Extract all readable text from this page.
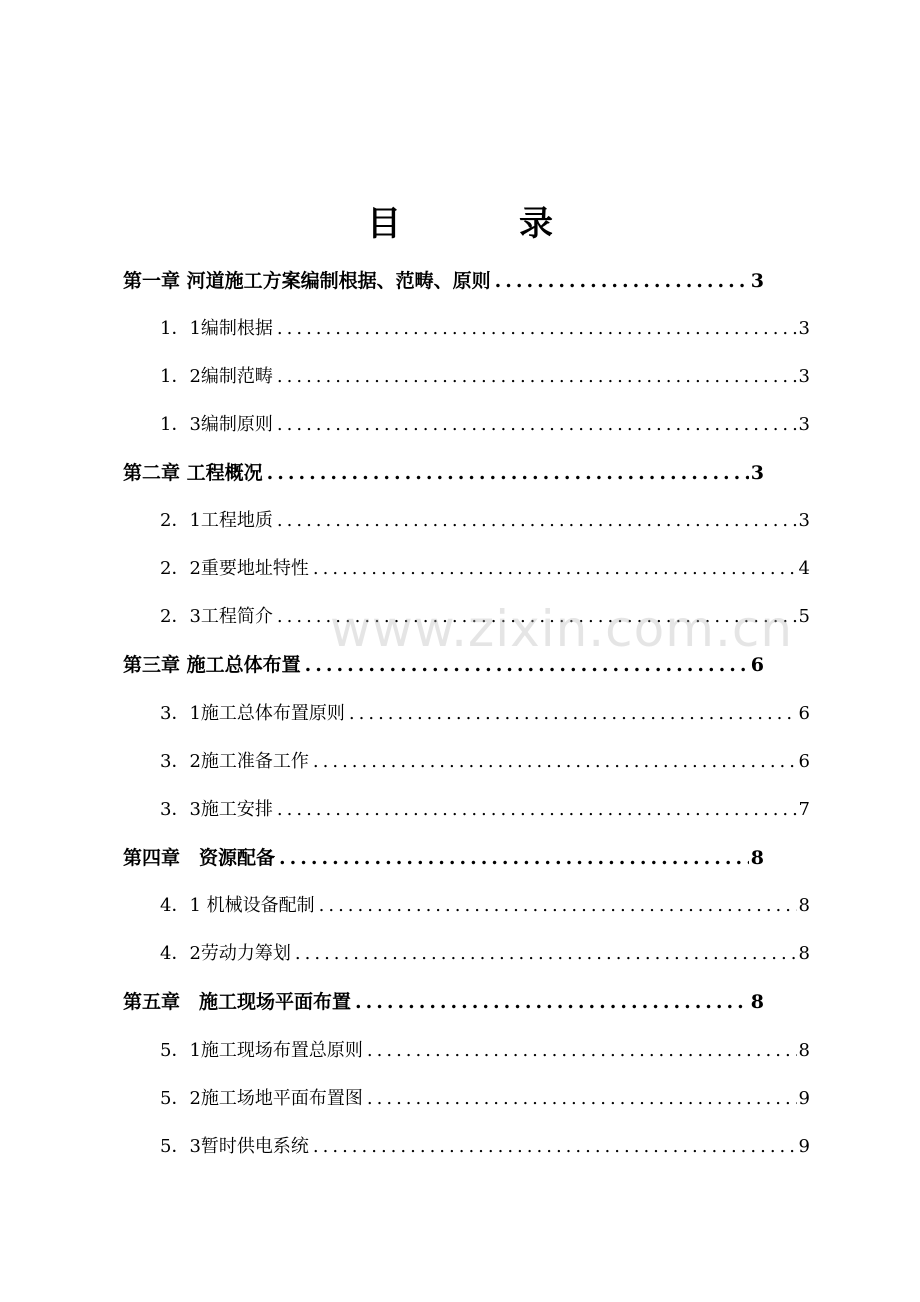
目　录
第一章 河道施工方案编制根据、范畴、原则 .....	3
1．1编制根据 .....	3
1．2编制范畴 .....	3
1．3编制原则 .....	3
第二章 工程概况 .....	3
2．1工程地质 .....	3
2．2重要地址特性 .....	4
2．3工程简介 .....	5
第三章 施工总体布置 .....	6
3．1施工总体布置原则 .....	6
3．2施工准备工作 .....	6
3．3施工安排 .....	7
第四章　资源配备 .....	8
4．1 机械设备配制 .....	8
4．2劳动力筹划 .....	8
第五章　施工现场平面布置 .....	8
5．1施工现场布置总原则 .....	8
5．2施工场地平面布置图 .....	9
5．3暂时供电系统 .....	9
www.zixin.com.cn
